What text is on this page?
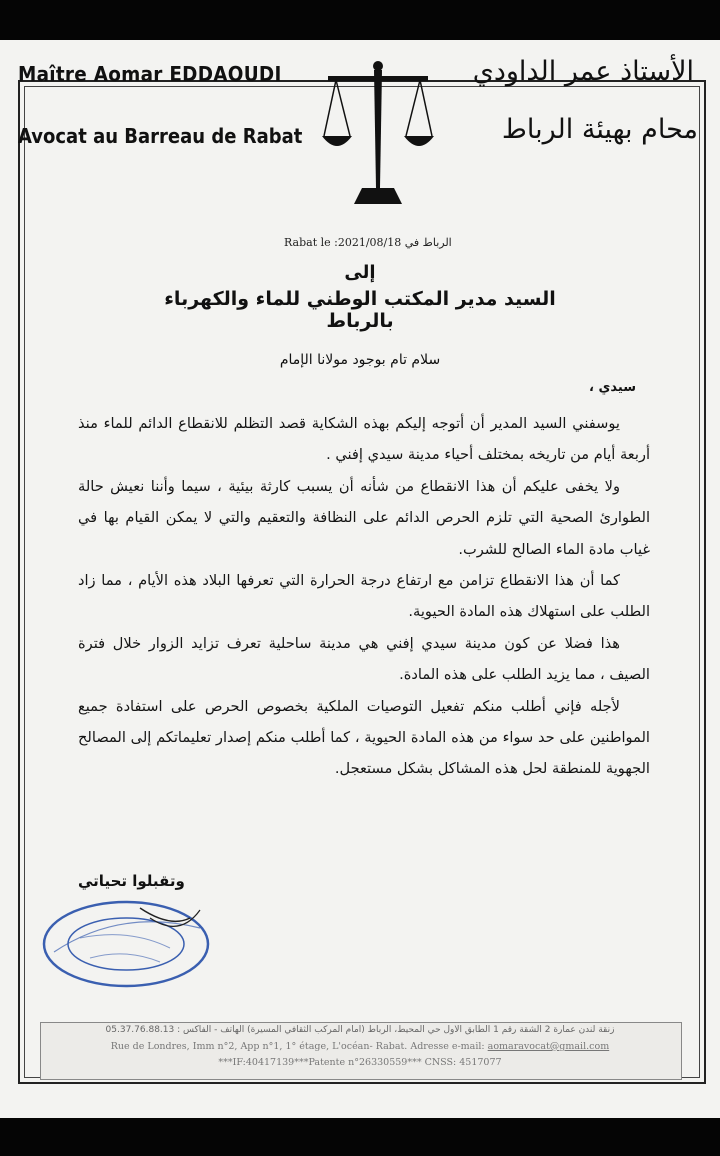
Maître Aomar EDDAOUDI
Avocat au Barreau de Rabat
الأستاذ عمر الداودي
محام بهيئة الرباط
Rabat le :2021/08/18 الرباط في
إلى
السيد مدير المكتب الوطني للماء والكهرباء بالرباط
سلام تام بوجود مولانا الإمام
سيدي ،

يوسفني السيد المدير أن أتوجه إليكم بهذه الشكاية قصد التظلم للانقطاع الدائم للماء منذ أربعة أيام من تاريخه بمختلف أحياء مدينة سيدي إفني .

ولا يخفى عليكم أن هذا الانقطاع من شأنه أن يسبب كارثة بيئية ، سيما وأننا نعيش حالة الطوارئ الصحية التي تلزم الحرص الدائم على النظافة والتعقيم والتي لا يمكن القيام بها في غياب مادة الماء الصالح للشرب.

كما أن هذا الانقطاع تزامن مع ارتفاع درجة الحرارة التي تعرفها البلاد هذه الأيام ، مما زاد الطلب على استهلاك هذه المادة الحيوية.

هذا فضلا عن كون مدينة سيدي إفني هي مدينة ساحلية تعرف تزايد الزوار خلال فترة الصيف ، مما يزيد الطلب على هذه المادة.

لأجله فإني أطلب منكم تفعيل التوصيات الملكية بخصوص الحرص على استفادة جميع المواطنين على حد سواء من هذه المادة الحيوية ، كما أطلب منكم إصدار تعليماتكم إلى المصالح الجهوية للمنطقة لحل هذه المشاكل بشكل مستعجل.

وتقبلوا تحياتي
زنقة لندن عمارة 2 الشقة رقم 1 الطابق الأول حي المحيط، الرباط (أمام المركب الثقافي المسيرة) الهاتف - الفاكس : 05.37.76.88.13
Rue de Londres, Imm n°2, App n°1, 1° étage, L'océan- Rabat. Adresse e-mail: aomaravocat@gmail.com
***IF:40417139***Patente n°26330559*** CNSS: 4517077
